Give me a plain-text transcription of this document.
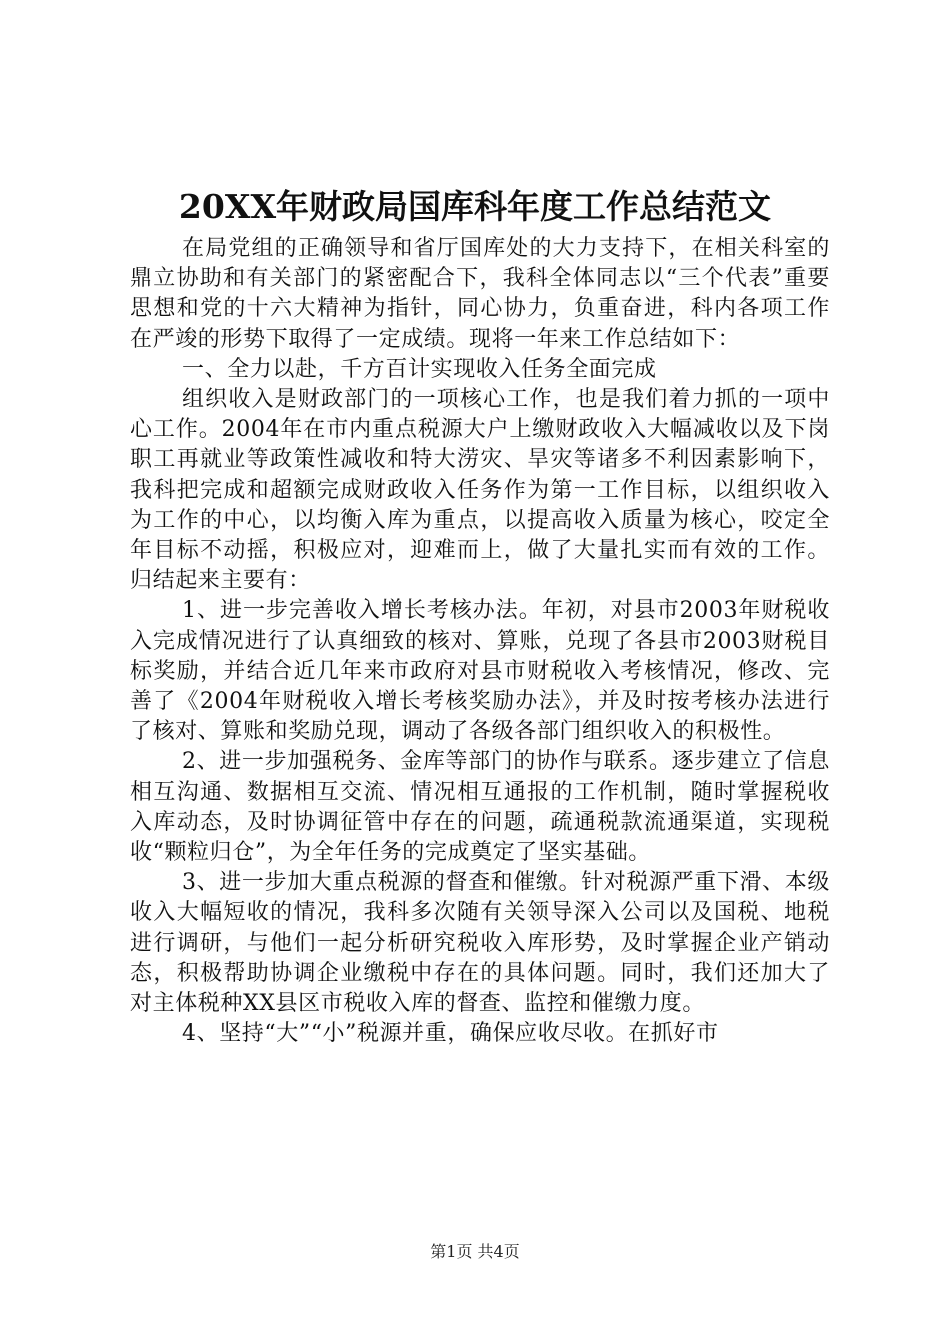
20XX年财政局国库科年度工作总结范文

在局党组的正确领导和省厅国库处的大力支持下，在相关科室的鼎立协助和有关部门的紧密配合下，我科全体同志以“三个代表”重要思想和党的十六大精神为指针，同心协力，负重奋进，科内各项工作在严竣的形势下取得了一定成绩。现将一年来工作总结如下：

一、全力以赴，千方百计实现收入任务全面完成

组织收入是财政部门的一项核心工作，也是我们着力抓的一项中心工作。2004年在市内重点税源大户上缴财政收入大幅减收以及下岗职工再就业等政策性减收和特大涝灾、旱灾等诸多不利因素影响下，我科把完成和超额完成财政收入任务作为第一工作目标，以组织收入为工作的中心，以均衡入库为重点，以提高收入质量为核心，咬定全年目标不动摇，积极应对，迎难而上，做了大量扎实而有效的工作。归结起来主要有：

1、进一步完善收入增长考核办法。年初，对县市2003年财税收入完成情况进行了认真细致的核对、算账，兑现了各县市2003财税目标奖励，并结合近几年来市政府对县市财税收入考核情况，修改、完善了《2004年财税收入增长考核奖励办法》，并及时按考核办法进行了核对、算账和奖励兑现，调动了各级各部门组织收入的积极性。

2、进一步加强税务、金库等部门的协作与联系。逐步建立了信息相互沟通、数据相互交流、情况相互通报的工作机制，随时掌握税收入库动态，及时协调征管中存在的问题，疏通税款流通渠道，实现税收“颗粒归仓”，为全年任务的完成奠定了坚实基础。

3、进一步加大重点税源的督查和催缴。针对税源严重下滑、本级收入大幅短收的情况，我科多次随有关领导深入公司以及国税、地税进行调研，与他们一起分析研究税收入库形势，及时掌握企业产销动态，积极帮助协调企业缴税中存在的具体问题。同时，我们还加大了对主体税种XX县区市税收入库的督查、监控和催缴力度。

4、坚持“大”“小”税源并重，确保应收尽收。在抓好市

第1页 共4页
